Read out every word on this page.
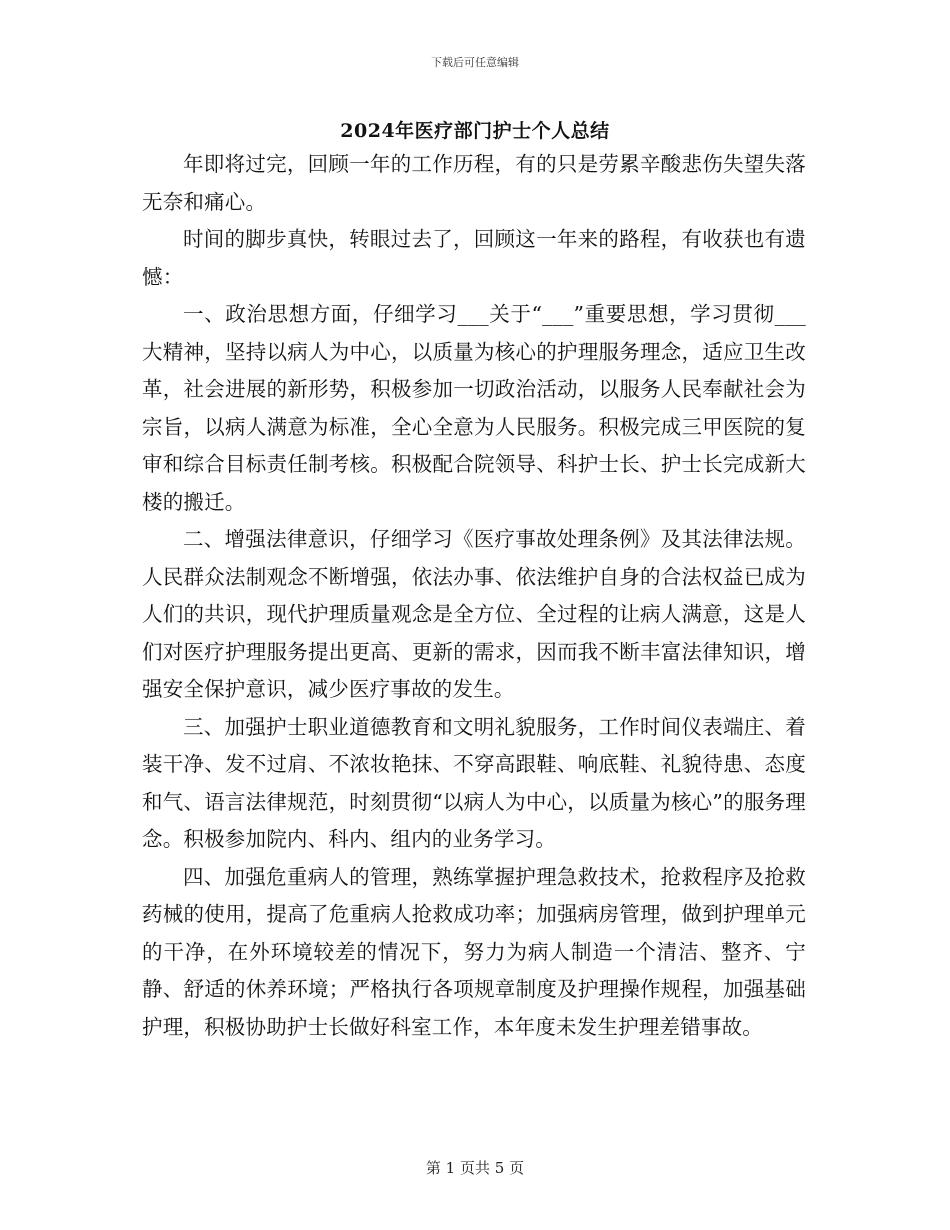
下载后可任意编辑
2024年医疗部门护士个人总结

年即将过完，回顾一年的工作历程，有的只是劳累辛酸悲伤失望失落无奈和痛心。

时间的脚步真快，转眼过去了，回顾这一年来的路程，有收获也有遗憾：

一、政治思想方面，仔细学习___关于“___”重要思想，学习贯彻___大精神，坚持以病人为中心，以质量为核心的护理服务理念，适应卫生改革，社会进展的新形势，积极参加一切政治活动，以服务人民奉献社会为宗旨，以病人满意为标准，全心全意为人民服务。积极完成三甲医院的复审和综合目标责任制考核。积极配合院领导、科护士长、护士长完成新大楼的搬迁。

二、增强法律意识，仔细学习《医疗事故处理条例》及其法律法规。人民群众法制观念不断增强，依法办事、依法维护自身的合法权益已成为人们的共识，现代护理质量观念是全方位、全过程的让病人满意，这是人们对医疗护理服务提出更高、更新的需求，因而我不断丰富法律知识，增强安全保护意识，减少医疗事故的发生。

三、加强护士职业道德教育和文明礼貌服务，工作时间仪表端庄、着装干净、发不过肩、不浓妆艳抹、不穿高跟鞋、响底鞋、礼貌待患、态度和气、语言法律规范，时刻贯彻“以病人为中心，以质量为核心”的服务理念。积极参加院内、科内、组内的业务学习。

四、加强危重病人的管理，熟练掌握护理急救技术，抢救程序及抢救药械的使用，提高了危重病人抢救成功率；加强病房管理，做到护理单元的干净，在外环境较差的情况下，努力为病人制造一个清洁、整齐、宁静、舒适的休养环境；严格执行各项规章制度及护理操作规程，加强基础护理，积极协助护士长做好科室工作，本年度未发生护理差错事故。

第 1 页共 5 页
